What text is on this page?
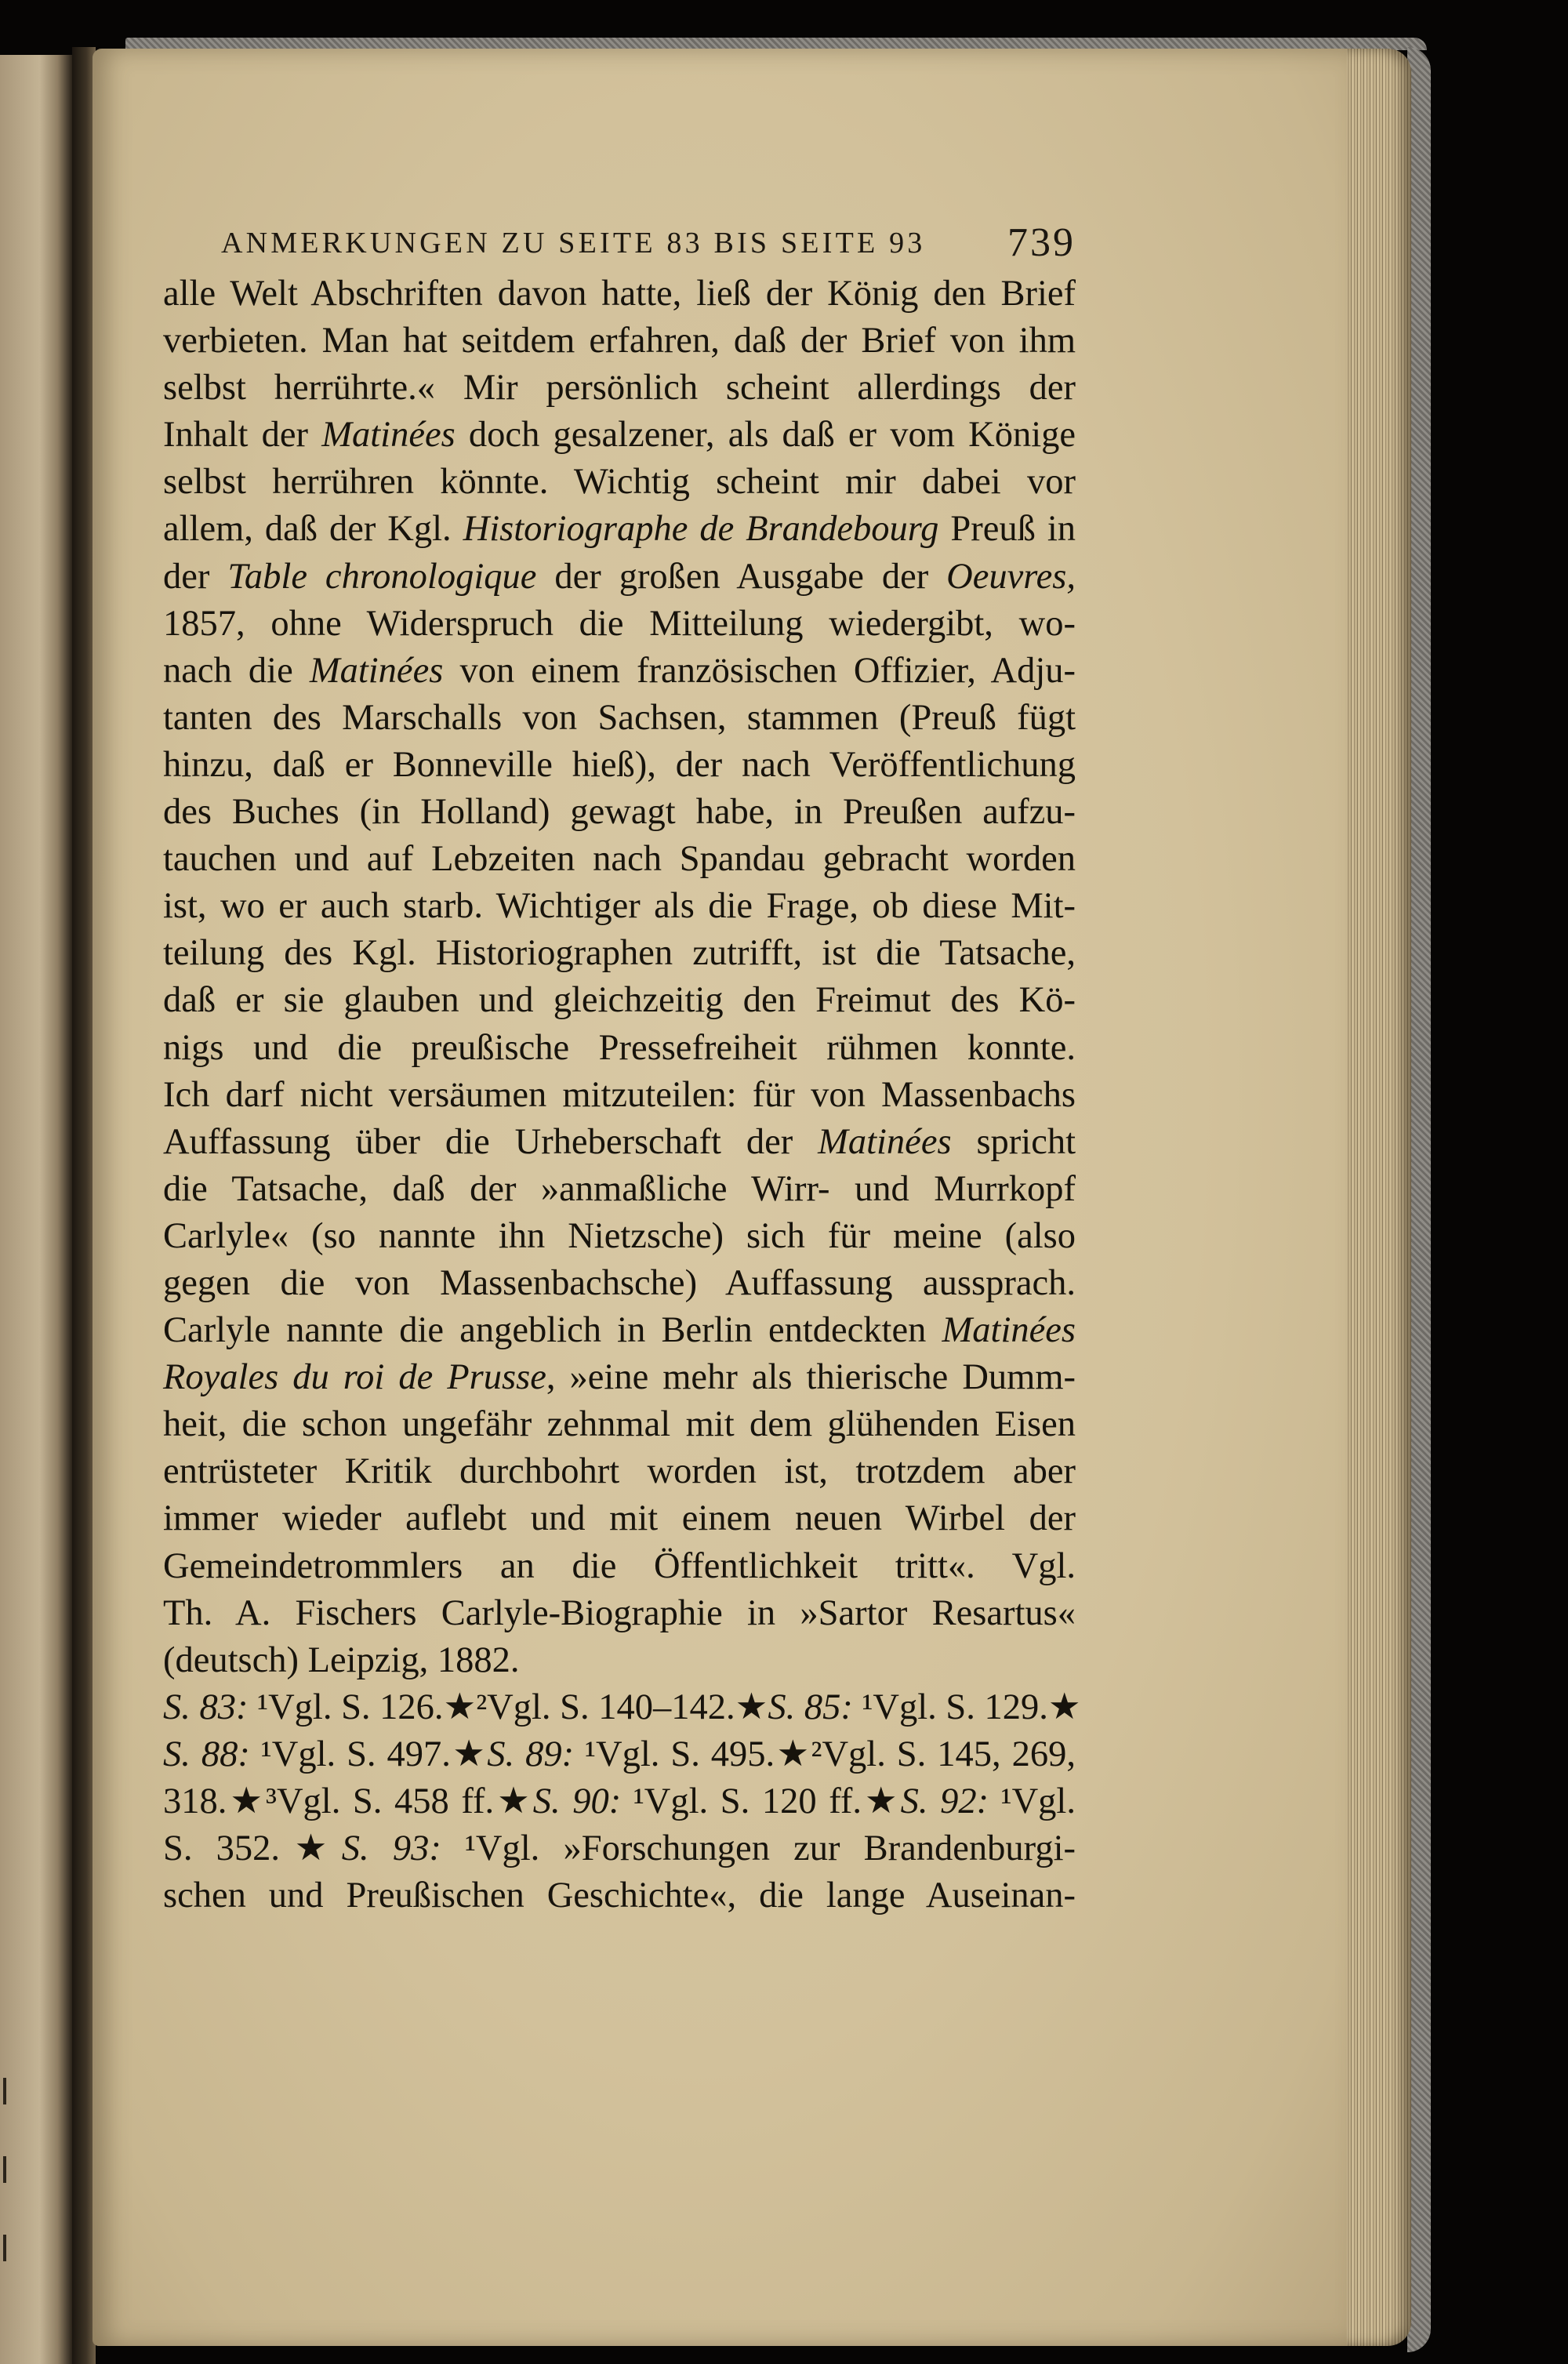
ANMERKUNGEN ZU SEITE 83 BIS SEITE 93 739
alle Welt Abschriften davon hatte, ließ der König den Brief
verbieten. Man hat seitdem erfahren, daß der Brief von ihm
selbst herrührte.« Mir persönlich scheint allerdings der
Inhalt der Matinées doch gesalzener, als daß er vom Könige
selbst herrühren könnte. Wichtig scheint mir dabei vor
allem, daß der Kgl. Historiographe de Brandebourg Preuß in
der Table chronologique der großen Ausgabe der Oeuvres,
1857, ohne Widerspruch die Mitteilung wiedergibt, wo-
nach die Matinées von einem französischen Offizier, Adju-
tanten des Marschalls von Sachsen, stammen (Preuß fügt
hinzu, daß er Bonneville hieß), der nach Veröffentlichung
des Buches (in Holland) gewagt habe, in Preußen aufzu-
tauchen und auf Lebzeiten nach Spandau gebracht worden
ist, wo er auch starb. Wichtiger als die Frage, ob diese Mit-
teilung des Kgl. Historiographen zutrifft, ist die Tatsache,
daß er sie glauben und gleichzeitig den Freimut des Kö-
nigs und die preußische Pressefreiheit rühmen konnte.
Ich darf nicht versäumen mitzuteilen: für von Massenbachs
Auffassung über die Urheberschaft der Matinées spricht
die Tatsache, daß der »anmaßliche Wirr- und Murrkopf
Carlyle« (so nannte ihn Nietzsche) sich für meine (also
gegen die von Massenbachsche) Auffassung aussprach.
Carlyle nannte die angeblich in Berlin entdeckten Matinées
Royales du roi de Prusse, »eine mehr als thierische Dumm-
heit, die schon ungefähr zehnmal mit dem glühenden Eisen
entrüsteter Kritik durchbohrt worden ist, trotzdem aber
immer wieder auflebt und mit einem neuen Wirbel der
Gemeindetrommlers an die Öffentlichkeit tritt«. Vgl.
Th. A. Fischers Carlyle-Biographie in »Sartor Resartus«
(deutsch) Leipzig, 1882.
S. 83: ¹Vgl. S. 126.★²Vgl. S. 140–142.★S. 85: ¹Vgl. S. 129.★
S. 88: ¹Vgl. S. 497.★S. 89: ¹Vgl. S. 495.★²Vgl. S. 145, 269,
318.★³Vgl. S. 458 ff.★S. 90: ¹Vgl. S. 120 ff.★S. 92: ¹Vgl.
S. 352.★S. 93: ¹Vgl. »Forschungen zur Brandenburgi-
schen und Preußischen Geschichte«, die lange Auseinan-
